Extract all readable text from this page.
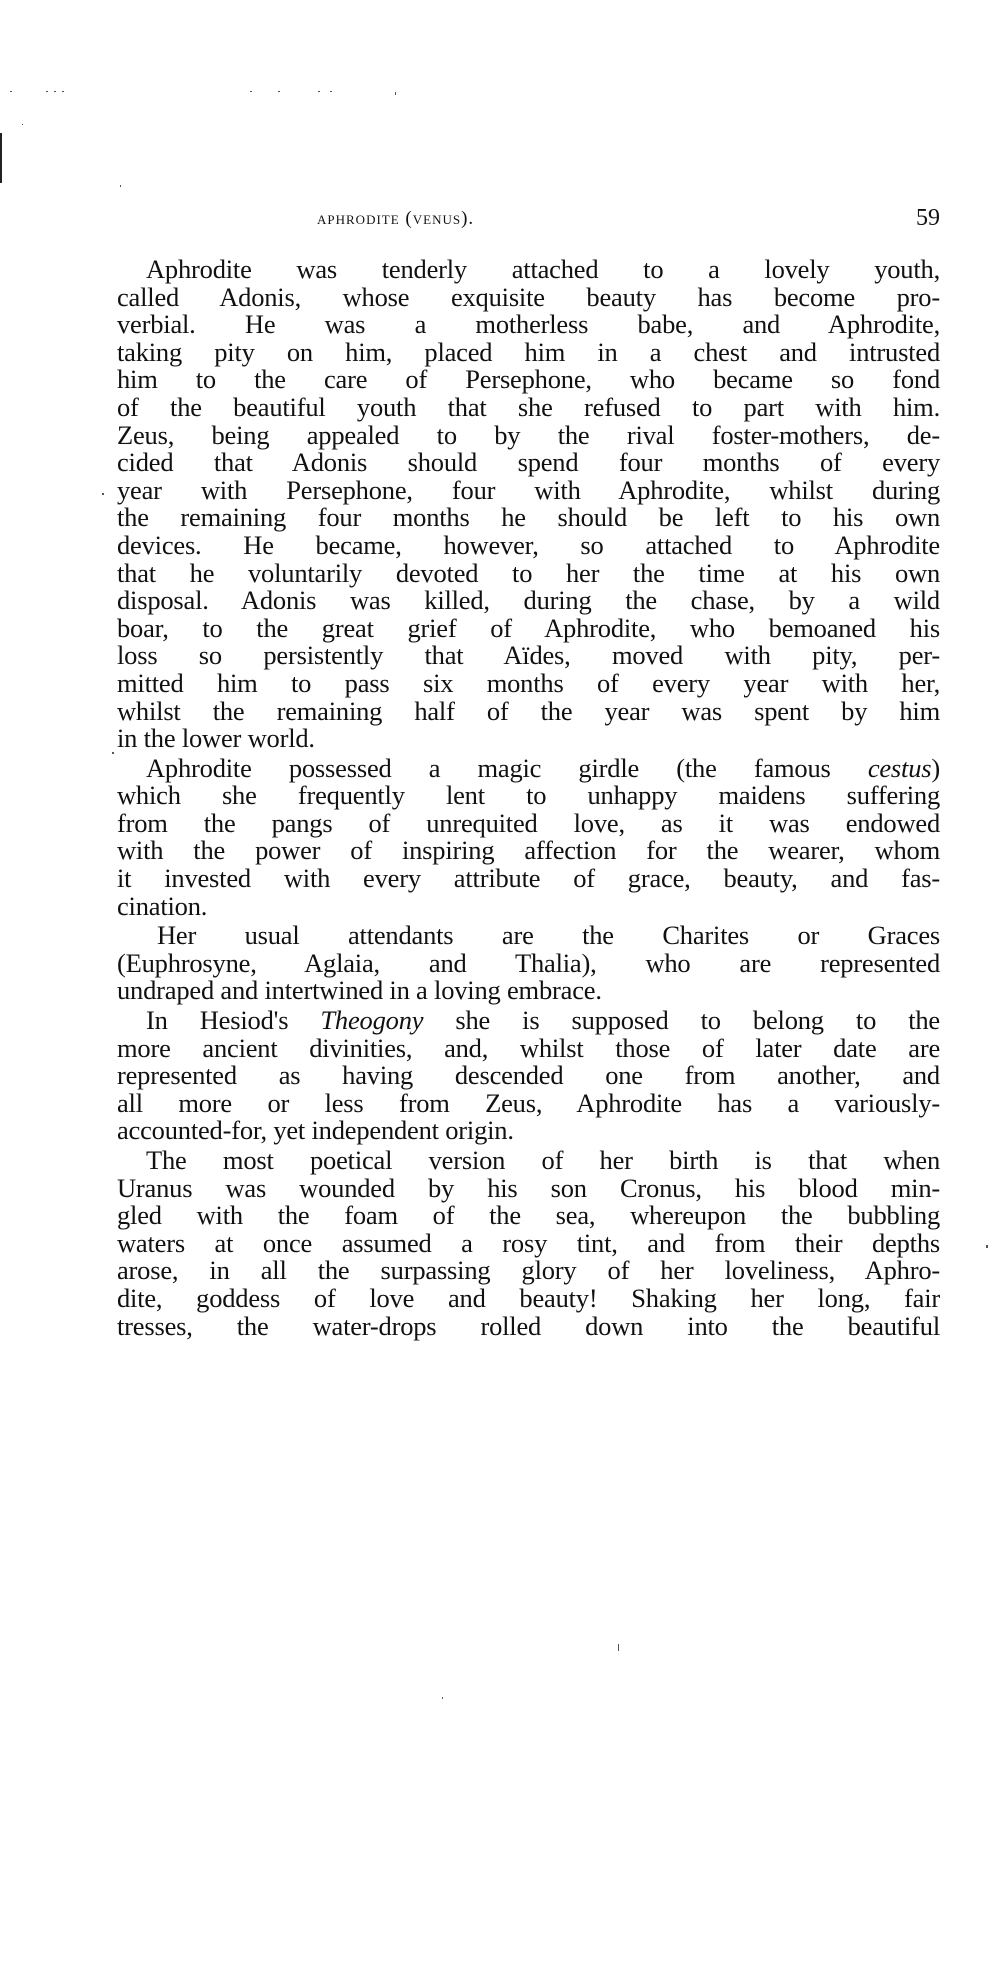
aphrodite (venus).	59

Aphrodite was tenderly attached to a lovely youth,
called Adonis, whose exquisite beauty has become pro-
verbial. He was a motherless babe, and Aphrodite,
taking pity on him, placed him in a chest and intrusted
him to the care of Persephone, who became so fond
of the beautiful youth that she refused to part with him.
Zeus, being appealed to by the rival foster-mothers, de-
cided that Adonis should spend four months of every
year with Persephone, four with Aphrodite, whilst during
the remaining four months he should be left to his own
devices. He became, however, so attached to Aphrodite
that he voluntarily devoted to her the time at his own
disposal. Adonis was killed, during the chase, by a wild
boar, to the great grief of Aphrodite, who bemoaned his
loss so persistently that Aïdes, moved with pity, per-
mitted him to pass six months of every year with her,
whilst the remaining half of the year was spent by him
in the lower world.

Aphrodite possessed a magic girdle (the famous cestus)
which she frequently lent to unhappy maidens suffering
from the pangs of unrequited love, as it was endowed
with the power of inspiring affection for the wearer, whom
it invested with every attribute of grace, beauty, and fas-
cination.

Her usual attendants are the Charites or Graces
(Euphrosyne, Aglaia, and Thalia), who are represented
undraped and intertwined in a loving embrace.

In Hesiod's Theogony she is supposed to belong to the
more ancient divinities, and, whilst those of later date are
represented as having descended one from another, and
all more or less from Zeus, Aphrodite has a variously-
accounted-for, yet independent origin.

The most poetical version of her birth is that when
Uranus was wounded by his son Cronus, his blood min-
gled with the foam of the sea, whereupon the bubbling
waters at once assumed a rosy tint, and from their depths
arose, in all the surpassing glory of her loveliness, Aphro-
dite, goddess of love and beauty! Shaking her long, fair
tresses, the water-drops rolled down into the beautiful
